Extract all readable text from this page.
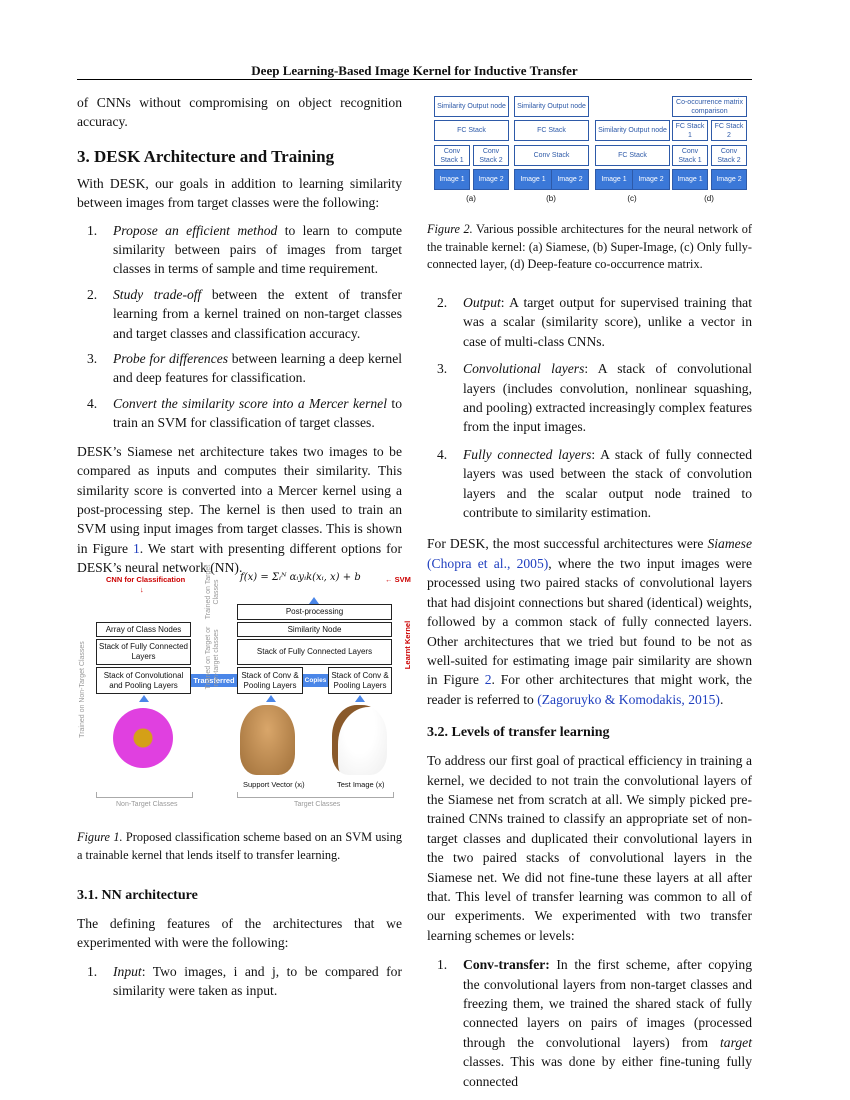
Deep Learning-Based Image Kernel for Inductive Transfer

of CNNs without compromising on object recognition accuracy.

3. DESK Architecture and Training

With DESK, our goals in addition to learning similarity between images from target classes were the following:

1. Propose an efficient method to learn to compute similarity between pairs of images from target classes in terms of sample and time requirement.
2. Study trade-off between the extent of transfer learning from a kernel trained on non-target classes and target classes and classification accuracy.
3. Probe for differences between learning a deep kernel and deep features for classification.
4. Convert the similarity score into a Mercer kernel to train an SVM for classification of target classes.

DESK’s Siamese net architecture takes two images to be compared as inputs and computes their similarity. This similarity score is converted into a Mercer kernel using a post-processing step. The kernel is then used to train an SVM using input images from target classes. This is shown in Figure 1. We start with presenting different options for DESK’s neural network (NN).

CNN for Classification
↓
f(x) = Σᵢᴺ αᵢyᵢk(xᵢ, x) + b	← SVM
Array of Class Nodes
Stack of Fully Connected Layers
Stack of Convolutional and Pooling Layers
Post-processing
Similarity Node
Stack of Fully Connected Layers
Stack of Conv & Pooling Layers
Stack of Conv & Pooling Layers
Transferred	Copies
Support Vector (xᵢ)	Test Image (x)
Non-Target Classes	Target Classes
Trained on Non-Target Classes
Trained on Target Classes
Trained on Target or non-target classes	Learnt Kernel
Figure 1. Proposed classification scheme based on an SVM using a trainable kernel that lends itself to transfer learning.
3.1. NN architecture

The defining features of the architectures that we experimented with were the following:

1. Input: Two images, i and j, to be compared for similarity were taken as input.
Similarity Output node
FC Stack
Conv Stack 1
Conv Stack 2
Image 1	Image 2
(a)
Similarity Output node
FC Stack
Conv Stack
Image 1	Image 2
(b)
Similarity Output node
FC Stack
Image 1	Image 2
(c)
Co-occurrence matrix comparison
FC Stack 1
FC Stack 2
Conv Stack 1
Conv Stack 2
Image 1	Image 2
(d)
Figure 2. Various possible architectures for the neural network of the trainable kernel: (a) Siamese, (b) Super-Image, (c) Only fully-connected layer, (d) Deep-feature co-occurrence matrix.
2. Output: A target output for supervised training that was a scalar (similarity score), unlike a vector in case of multi-class CNNs.
3. Convolutional layers: A stack of convolutional layers (includes convolution, nonlinear squashing, and pooling) extracted increasingly complex features from the input images.
4. Fully connected layers: A stack of fully connected layers was used between the stack of convolution layers and the scalar output node trained to contribute to similarity estimation.

For DESK, the most successful architectures were Siamese (Chopra et al., 2005), where the two input images were processed using two paired stacks of convolutional layers that had disjoint connections but shared (identical) weights, followed by a common stack of fully connected layers. Other architectures that we tried but found to be not as well-suited for estimating image pair similarity are shown in Figure 2. For other architectures that might work, the reader is referred to (Zagoruyko & Komodakis, 2015).

3.2. Levels of transfer learning

To address our first goal of practical efficiency in training a kernel, we decided to not train the convolutional layers of the Siamese net from scratch at all. We simply picked pre-trained CNNs trained to classify an appropriate set of non-target classes and duplicated their convolutional layers in the two paired stacks of convolutional layers in the Siamese net. We did not fine-tune these layers at all after that. This level of transfer learning was common to all of our experiments. We experimented with two transfer learning schemes or levels:

1. Conv-transfer: In the first scheme, after copying the convolutional layers from non-target classes and freezing them, we trained the shared stack of fully connected layers on pairs of images (processed through the convolutional layers) from target classes. This was done by either fine-tuning fully connected
